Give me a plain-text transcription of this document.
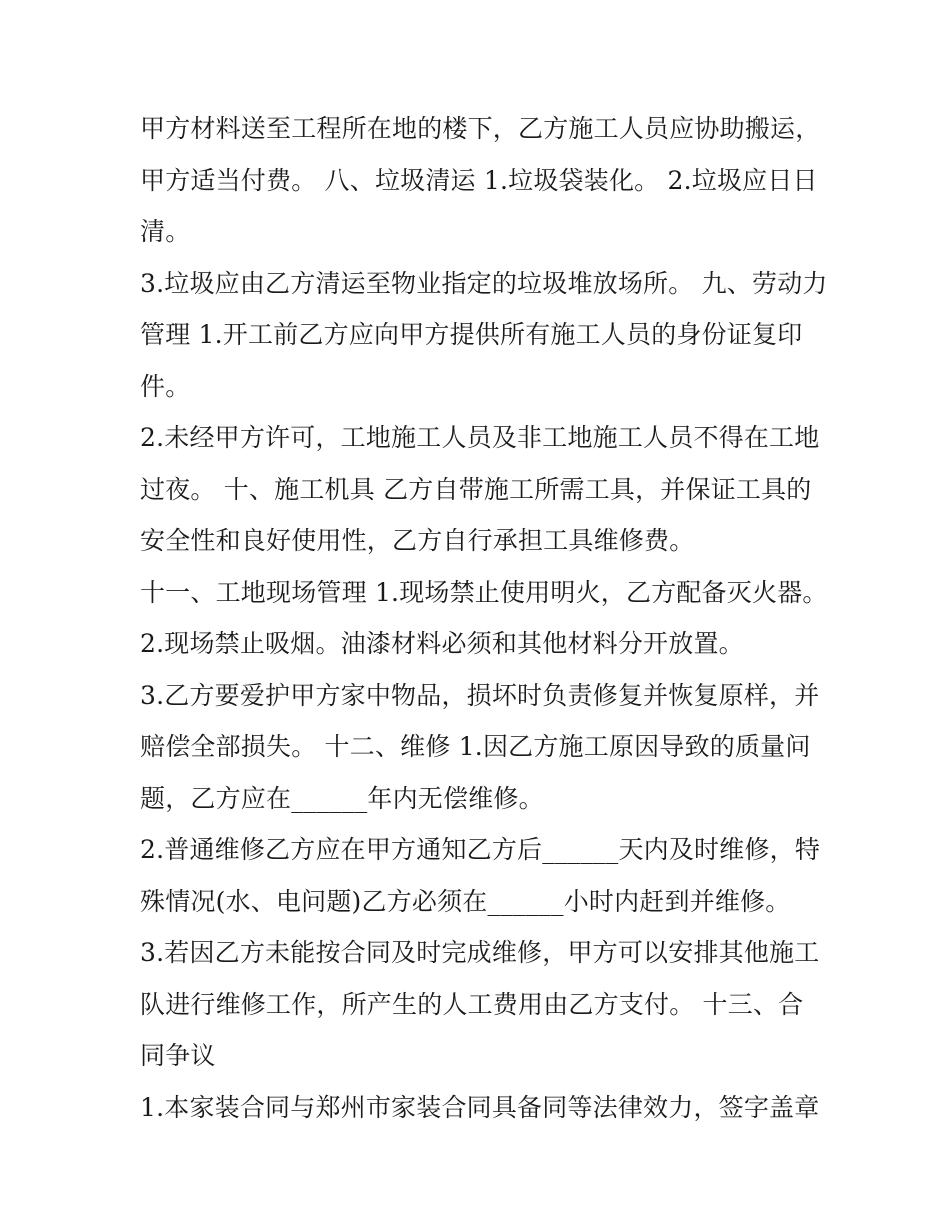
甲方材料送至工程所在地的楼下，乙方施工人员应协助搬运，
甲方适当付费。 八、垃圾清运 1.垃圾袋装化。 2.垃圾应日日
清。
3.垃圾应由乙方清运至物业指定的垃圾堆放场所。 九、劳动力
管理 1.开工前乙方应向甲方提供所有施工人员的身份证复印
件。
2.未经甲方许可，工地施工人员及非工地施工人员不得在工地
过夜。 十、施工机具 乙方自带施工所需工具，并保证工具的
安全性和良好使用性，乙方自行承担工具维修费。
十一、工地现场管理 1.现场禁止使用明火，乙方配备灭火器。
2.现场禁止吸烟。油漆材料必须和其他材料分开放置。
3.乙方要爱护甲方家中物品，损坏时负责修复并恢复原样，并
赔偿全部损失。 十二、维修 1.因乙方施工原因导致的质量问
题，乙方应在______年内无偿维修。
2.普通维修乙方应在甲方通知乙方后______天内及时维修，特
殊情况(水、电问题)乙方必须在______小时内赶到并维修。
3.若因乙方未能按合同及时完成维修，甲方可以安排其他施工
队进行维修工作，所产生的人工费用由乙方支付。 十三、合
同争议
1.本家装合同与郑州市家装合同具备同等法律效力，签字盖章
